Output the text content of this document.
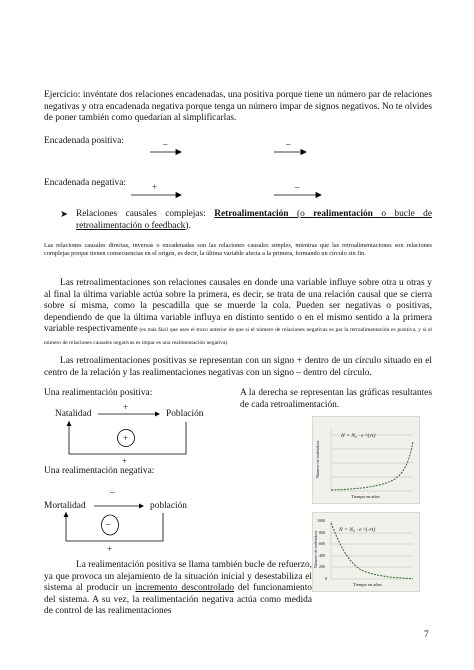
Ejercicio: invéntate dos relaciones encadenadas, una positiva porque tiene un número par de relaciones negativas y otra encadenada negativa porque tenga un número impar de signos negativos. No te olvides de poner también como quedarían al simplificarlas.
Encadenada positiva:	–	–
Encadenada negativa:	+	–
➤ Relaciones causales complejas: Retroalimentación (o realimentación o bucle de retroalimentación o feedback).
Las relaciones causales directas, inversas o encadenadas son las relaciones causales simples, mientras que las retroalimentaciones son relaciones complejas porque tienen consecuencias en el origen, es decir, la última variable afecta a la primera, formando un círculo sin fin.
Las retroalimentaciones son relaciones causales en donde una variable influye sobre otra u otras y al final la última variable actúa sobre la primera, es decir, se trata de una relación causal que se cierra sobre sí misma, como la pescadilla que se muerde la cola. Pueden ser negativas o positivas, dependiendo de que la última variable influya en distinto sentido o en el mismo sentido a la primera variable respectivamente (es más fácil que uses el truco anterior de que si el número de relaciones negativas es par la retroalimentación es positiva, y si el número de relaciones causales negativas es impar es una realimentación negativa).
Las retroalimentaciones positivas se representan con un signo + dentro de un círculo situado en el centro de la relación y las realimentaciones negativas con un signo – dentro del círculo.
Una realimentación positiva:
Natalidad	Población
+
+
+
A la derecha se representan las gráficas resultantes de cada retroalimentación.
N = N₀ · e ^{rt}
Tiempo en años
Número de individuos
Una realimentación negativa:
Mortalidad	población
–
–
+
N = N₀ · e ^{-rt}
1000
800
600
400
200
0
Tiempo en años
Número de individuos
La realimentación positiva se llama también bucle de refuerzo, ya que provoca un alejamiento de la situación inicial y desestabiliza el sistema al producir un incremento descontrolado del funcionamiento del sistema. A su vez, la realimentación negativa actúa como medida de control de las realimentaciones
7
